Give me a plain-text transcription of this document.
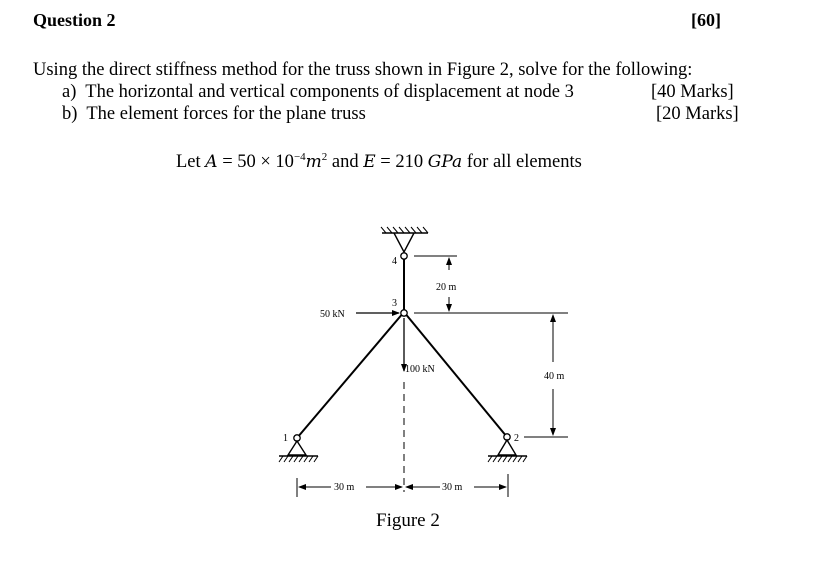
Question 2	[60]
Using the direct stiffness method for the truss shown in Figure 2, solve for the following:
a) The horizontal and vertical components of displacement at node 3	[40 Marks]
b) The element forces for the plane truss	[20 Marks]
Let $A = 50 \times 10^{-4}m^2$ and E = 210 GPa for all elements
4
3
1	2
50 kN
100 kN
20 m
40 m
30 m	30 m
Figure 2
